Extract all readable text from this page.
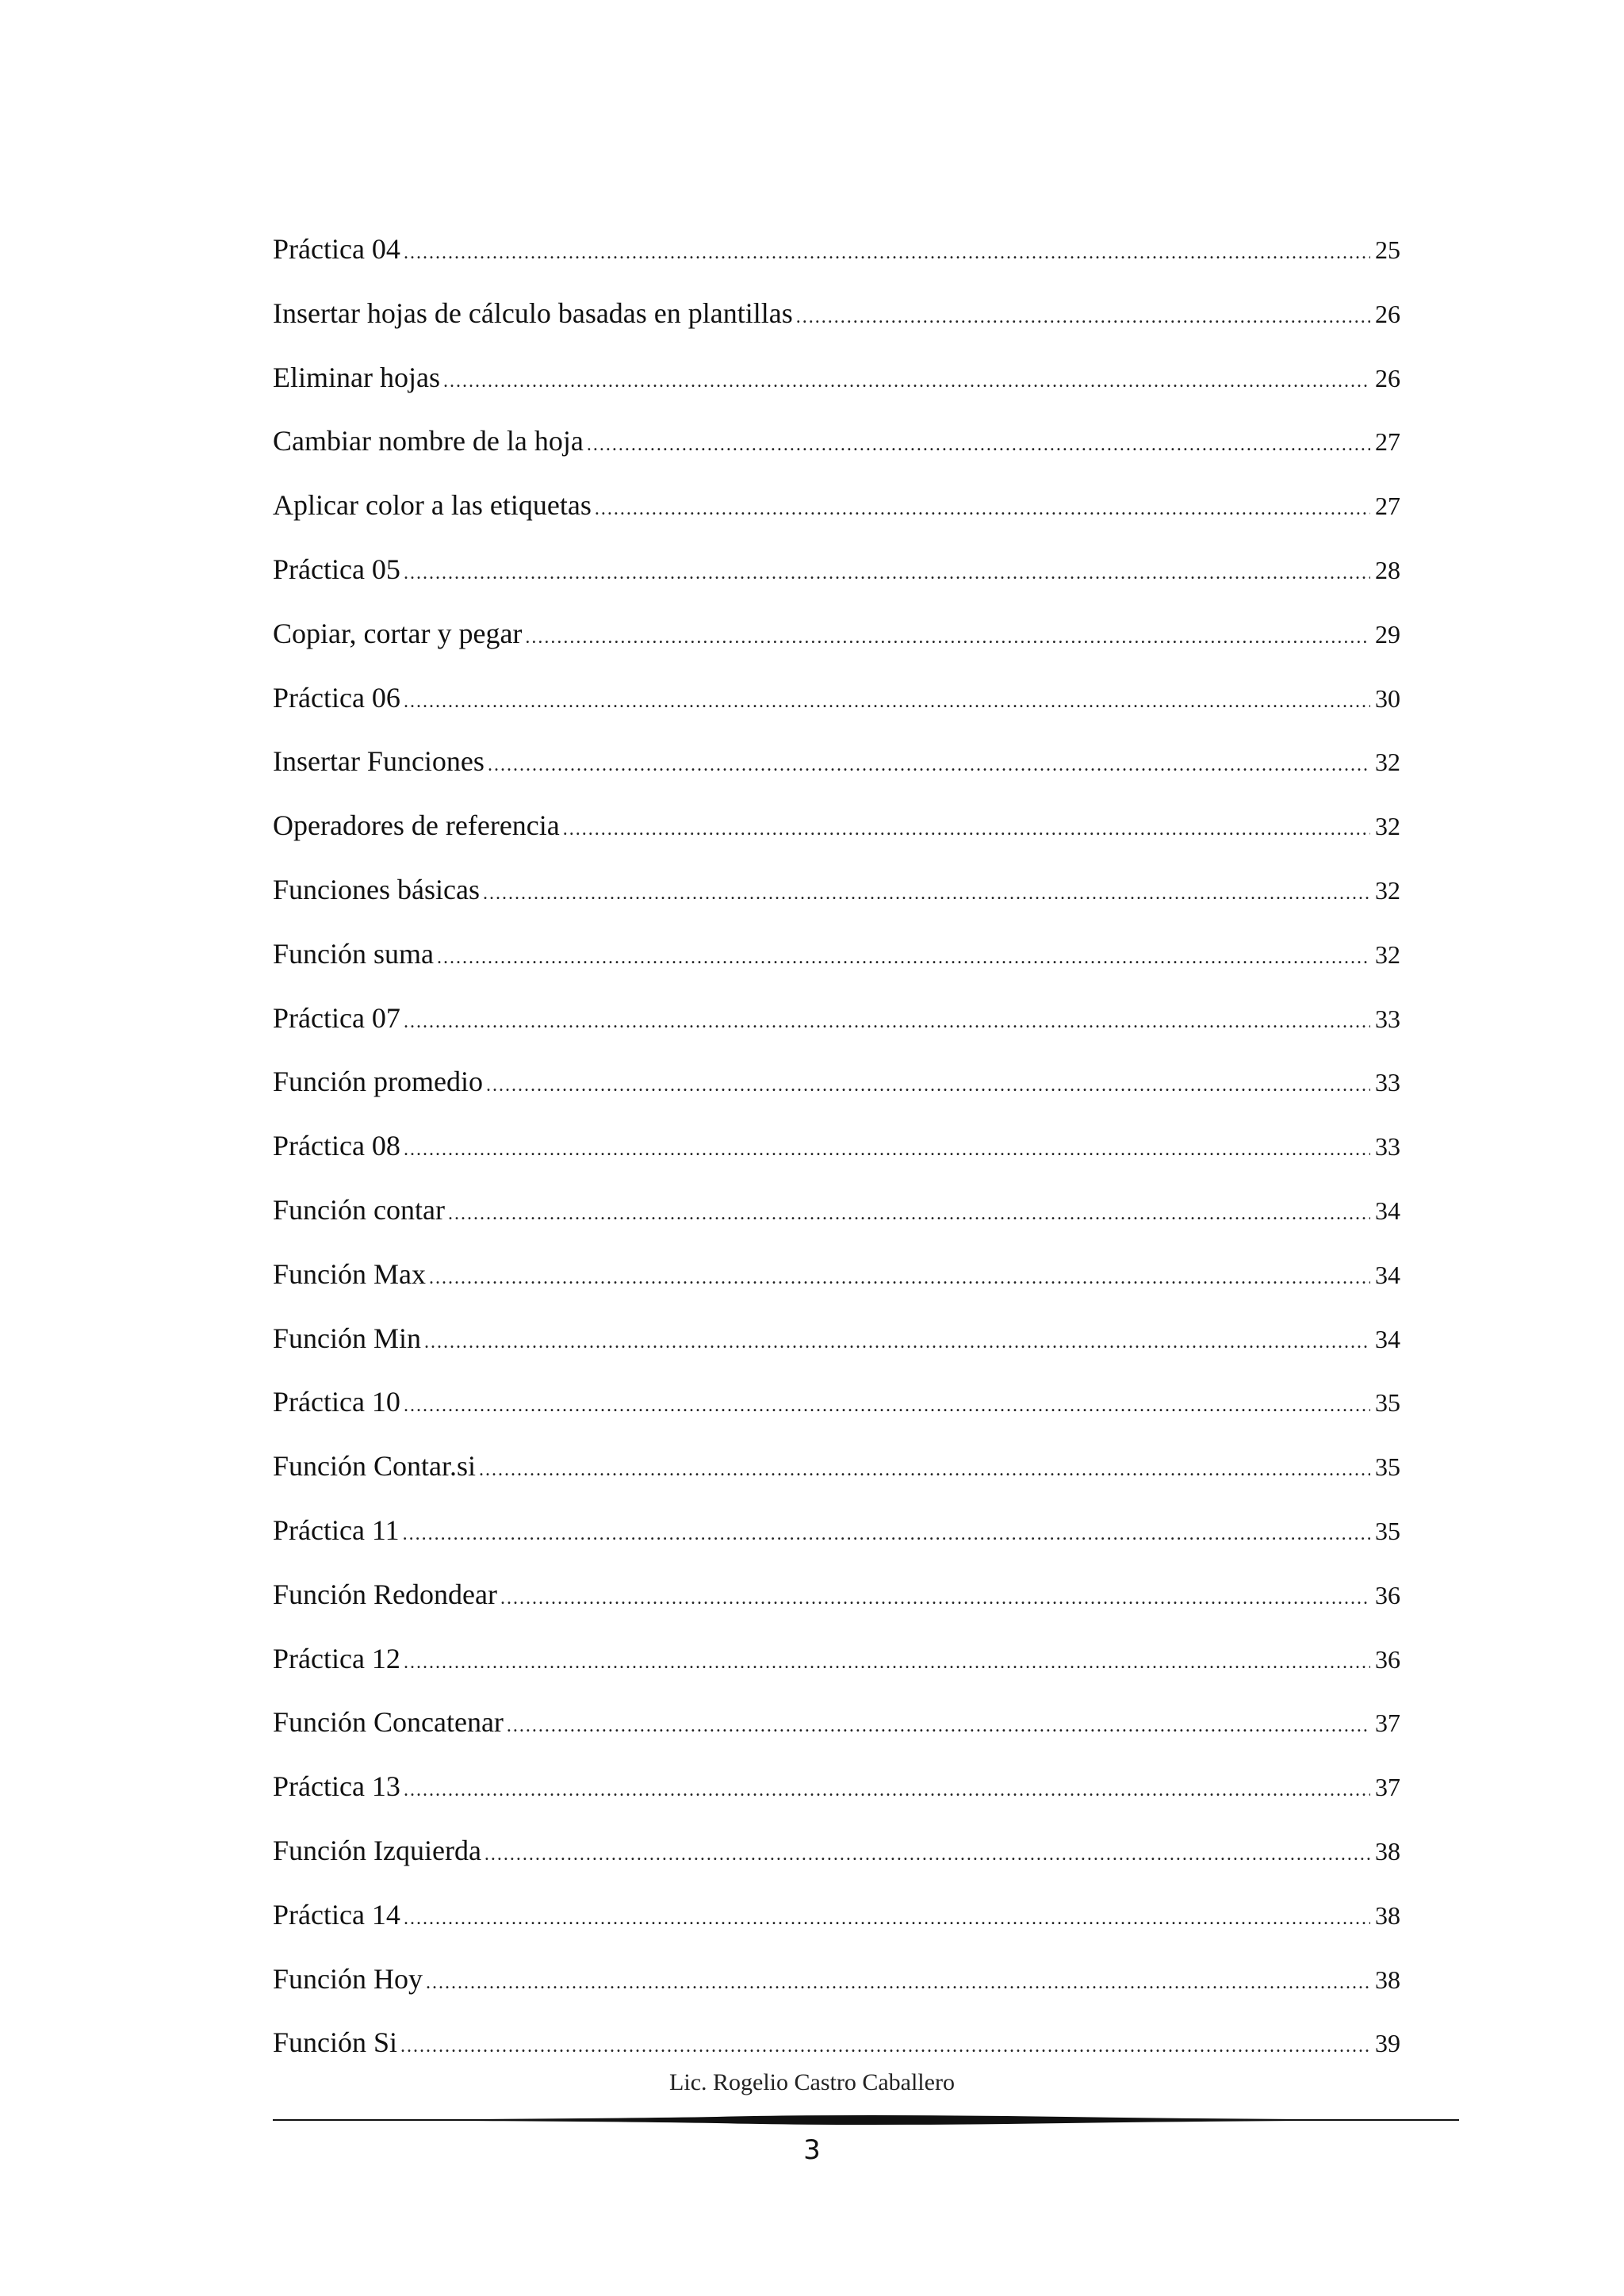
Práctica 04 .....	25
Insertar hojas de cálculo basadas en plantillas .....	26
Eliminar hojas .....	26
Cambiar nombre de la hoja .....	27
Aplicar color a las etiquetas .....	27
Práctica 05 .....	28
Copiar, cortar y pegar .....	29
Práctica 06 .....	30
Insertar Funciones .....	32
Operadores de referencia .....	32
Funciones básicas .....	32
Función suma .....	32
Práctica 07 .....	33
Función promedio .....	33
Práctica 08 .....	33
Función contar .....	34
Función Max .....	34
Función Min .....	34
Práctica 10 .....	35
Función Contar.si .....	35
Práctica 11 .....	35
Función Redondear .....	36
Práctica 12 .....	36
Función Concatenar .....	37
Práctica 13 .....	37
Función Izquierda .....	38
Práctica 14 .....	38
Función Hoy .....	38
Función Si .....	39
Lic. Rogelio Castro Caballero
3
